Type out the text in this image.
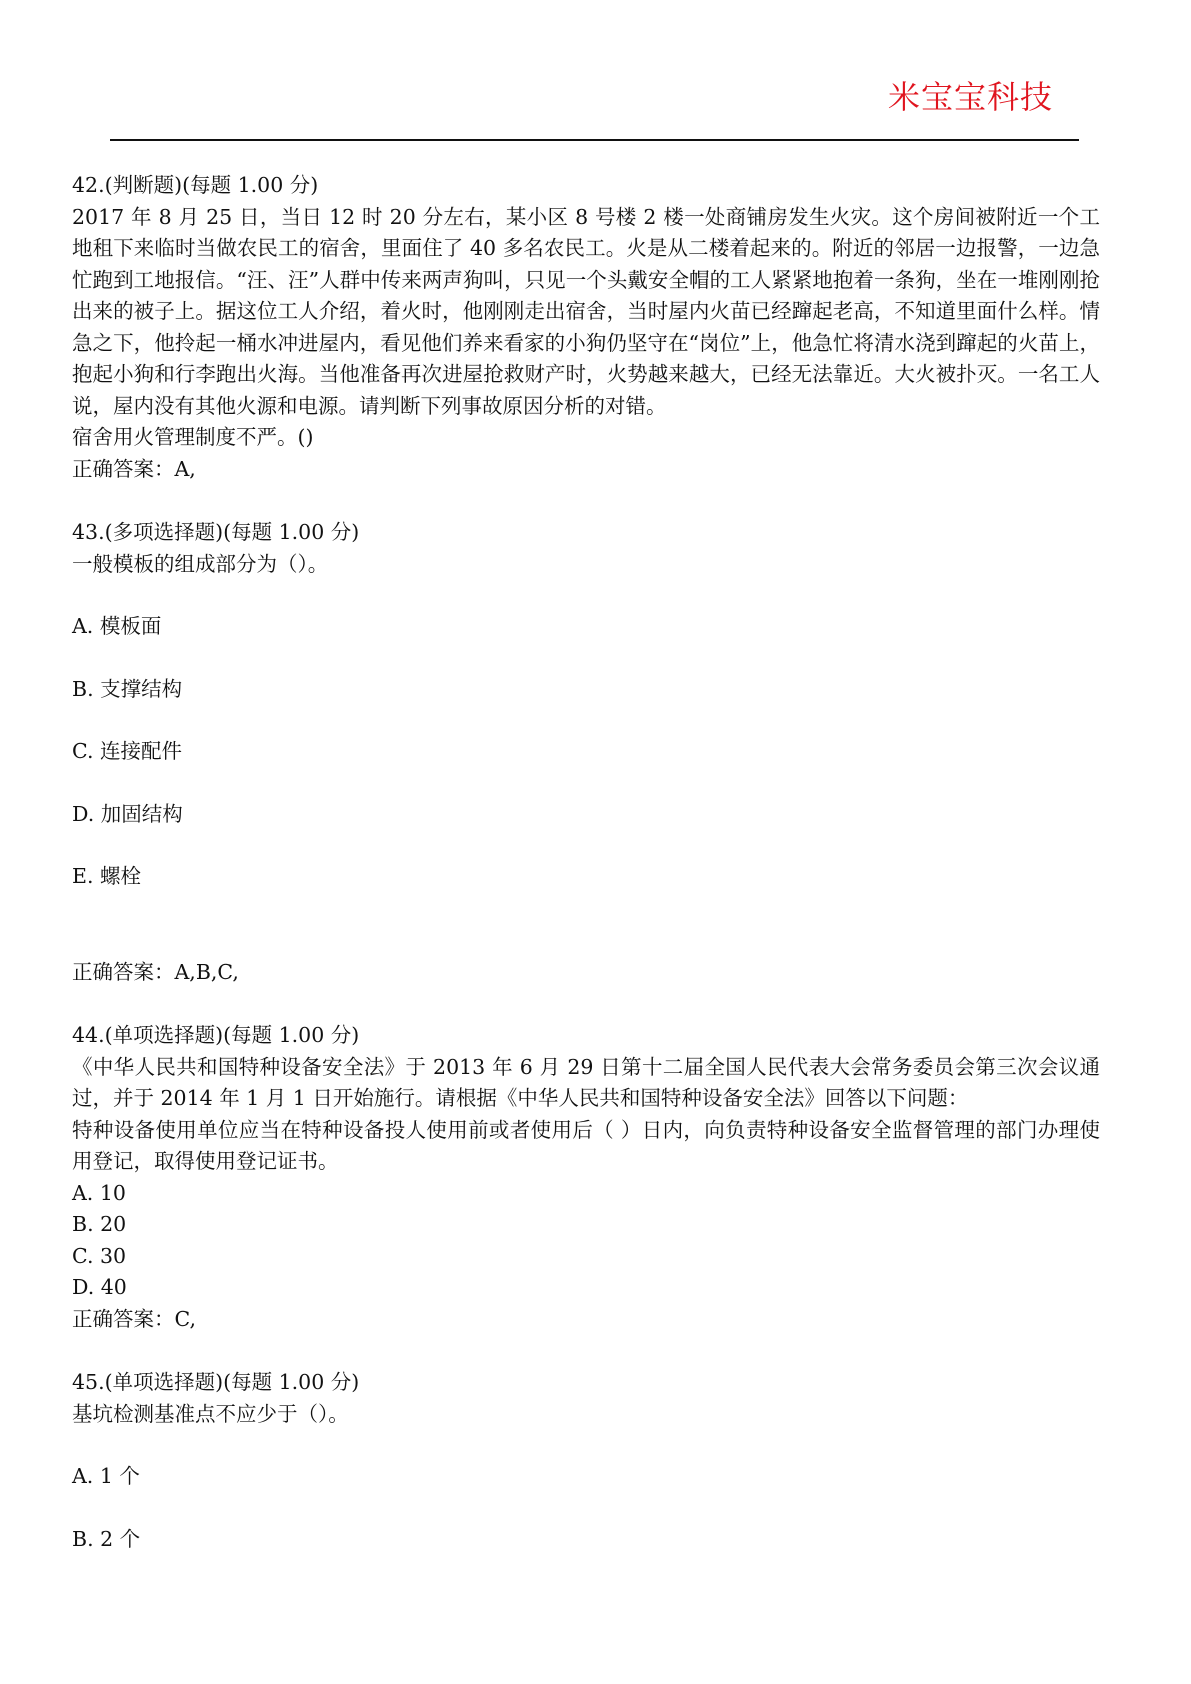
米宝宝科技

42.(判断题)(每题 1.00 分)

2017 年 8 月 25 日，当日 12 时 20 分左右，某小区 8 号楼 2 楼一处商铺房发生火灾。这个房间被附近一个工地租下来临时当做农民工的宿舍，里面住了 40 多名农民工。火是从二楼着起来的。附近的邻居一边报警，一边急忙跑到工地报信。“汪、汪”人群中传来两声狗叫，只见一个头戴安全帽的工人紧紧地抱着一条狗，坐在一堆刚刚抢出来的被子上。据这位工人介绍，着火时，他刚刚走出宿舍，当时屋内火苗已经蹿起老高，不知道里面什么样。情急之下，他拎起一桶水冲进屋内，看见他们养来看家的小狗仍坚守在“岗位”上，他急忙将清水浇到蹿起的火苗上，抱起小狗和行李跑出火海。当他准备再次进屋抢救财产时，火势越来越大，已经无法靠近。大火被扑灭。一名工人说，屋内没有其他火源和电源。请判断下列事故原因分析的对错。

宿舍用火管理制度不严。()

正确答案：A,

43.(多项选择题)(每题 1.00 分)

一般模板的组成部分为（）。

A. 模板面

B. 支撑结构

C. 连接配件

D. 加固结构

E. 螺栓

正确答案：A,B,C,

44.(单项选择题)(每题 1.00 分)

《中华人民共和国特种设备安全法》于 2013 年 6 月 29 日第十二届全国人民代表大会常务委员会第三次会议通过，并于 2014 年 1 月 1 日开始施行。请根据《中华人民共和国特种设备安全法》回答以下问题：

特种设备使用单位应当在特种设备投人使用前或者使用后（ ）日内，向负责特种设备安全监督管理的部门办理使用登记，取得使用登记证书。

A. 10

B. 20

C. 30

D. 40

正确答案：C,

45.(单项选择题)(每题 1.00 分)

基坑检测基准点不应少于（）。

A. 1 个

B. 2 个
